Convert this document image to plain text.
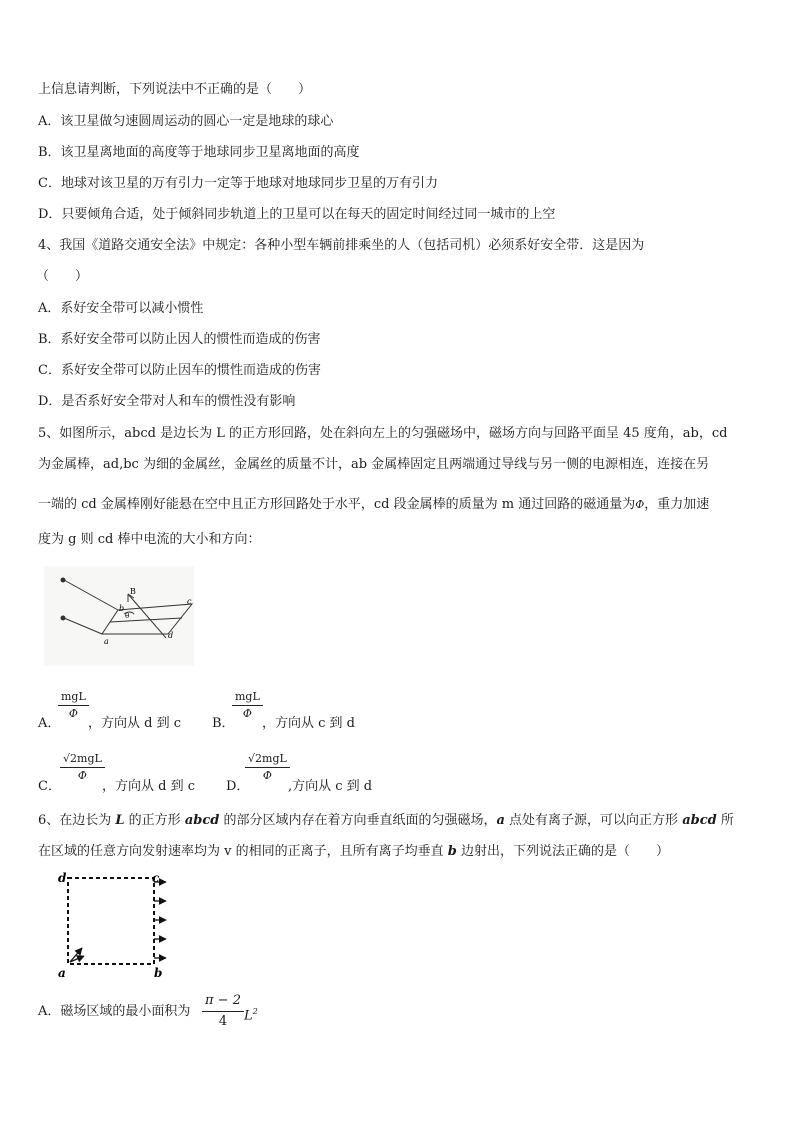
上信息请判断，下列说法中不正确的是（　　）
A．该卫星做匀速圆周运动的圆心一定是地球的球心
B．该卫星离地面的高度等于地球同步卫星离地面的高度
C．地球对该卫星的万有引力一定等于地球对地球同步卫星的万有引力
D．只要倾角合适，处于倾斜同步轨道上的卫星可以在每天的固定时间经过同一城市的上空
4、我国《道路交通安全法》中规定：各种小型车辆前排乘坐的人（包括司机）必须系好安全带．这是因为
（　　）
A．系好安全带可以减小惯性
B．系好安全带可以防止因人的惯性而造成的伤害
C．系好安全带可以防止因车的惯性而造成的伤害
D．是否系好安全带对人和车的惯性没有影响
5、如图所示，abcd 是边长为 L 的正方形回路，处在斜向左上的匀强磁场中，磁场方向与回路平面呈 45 度角，ab，cd
为金属棒，ad,bc 为细的金属丝，金属丝的质量不计，ab 金属棒固定且两端通过导线与另一侧的电源相连，连接在另
一端的 cd 金属棒刚好能悬在空中且正方形回路处于水平，cd 段金属棒的质量为 m 通过回路的磁通量为Φ，重力加速
度为 g 则 cd 棒中电流的大小和方向：
B
a
b
c
d
θ
A．
mgL
Φ
，方向从 d 到 c B．
mgL
Φ
，方向从 c 到 d
C．
√2mgL
Φ
，方向从 d 到 c D．
√2mgL
Φ
,方向从 c 到 d
6、在边长为 L 的正方形 abcd 的部分区域内存在着方向垂直纸面的匀强磁场，a 点处有离子源，可以向正方形 abcd 所
在区域的任意方向发射速率均为 v 的相同的正离子，且所有离子均垂直 b 边射出，下列说法正确的是（　　）
d	c
a	b
A．磁场区域的最小面积为 $\frac{\pi - 2}{4} L^2$
